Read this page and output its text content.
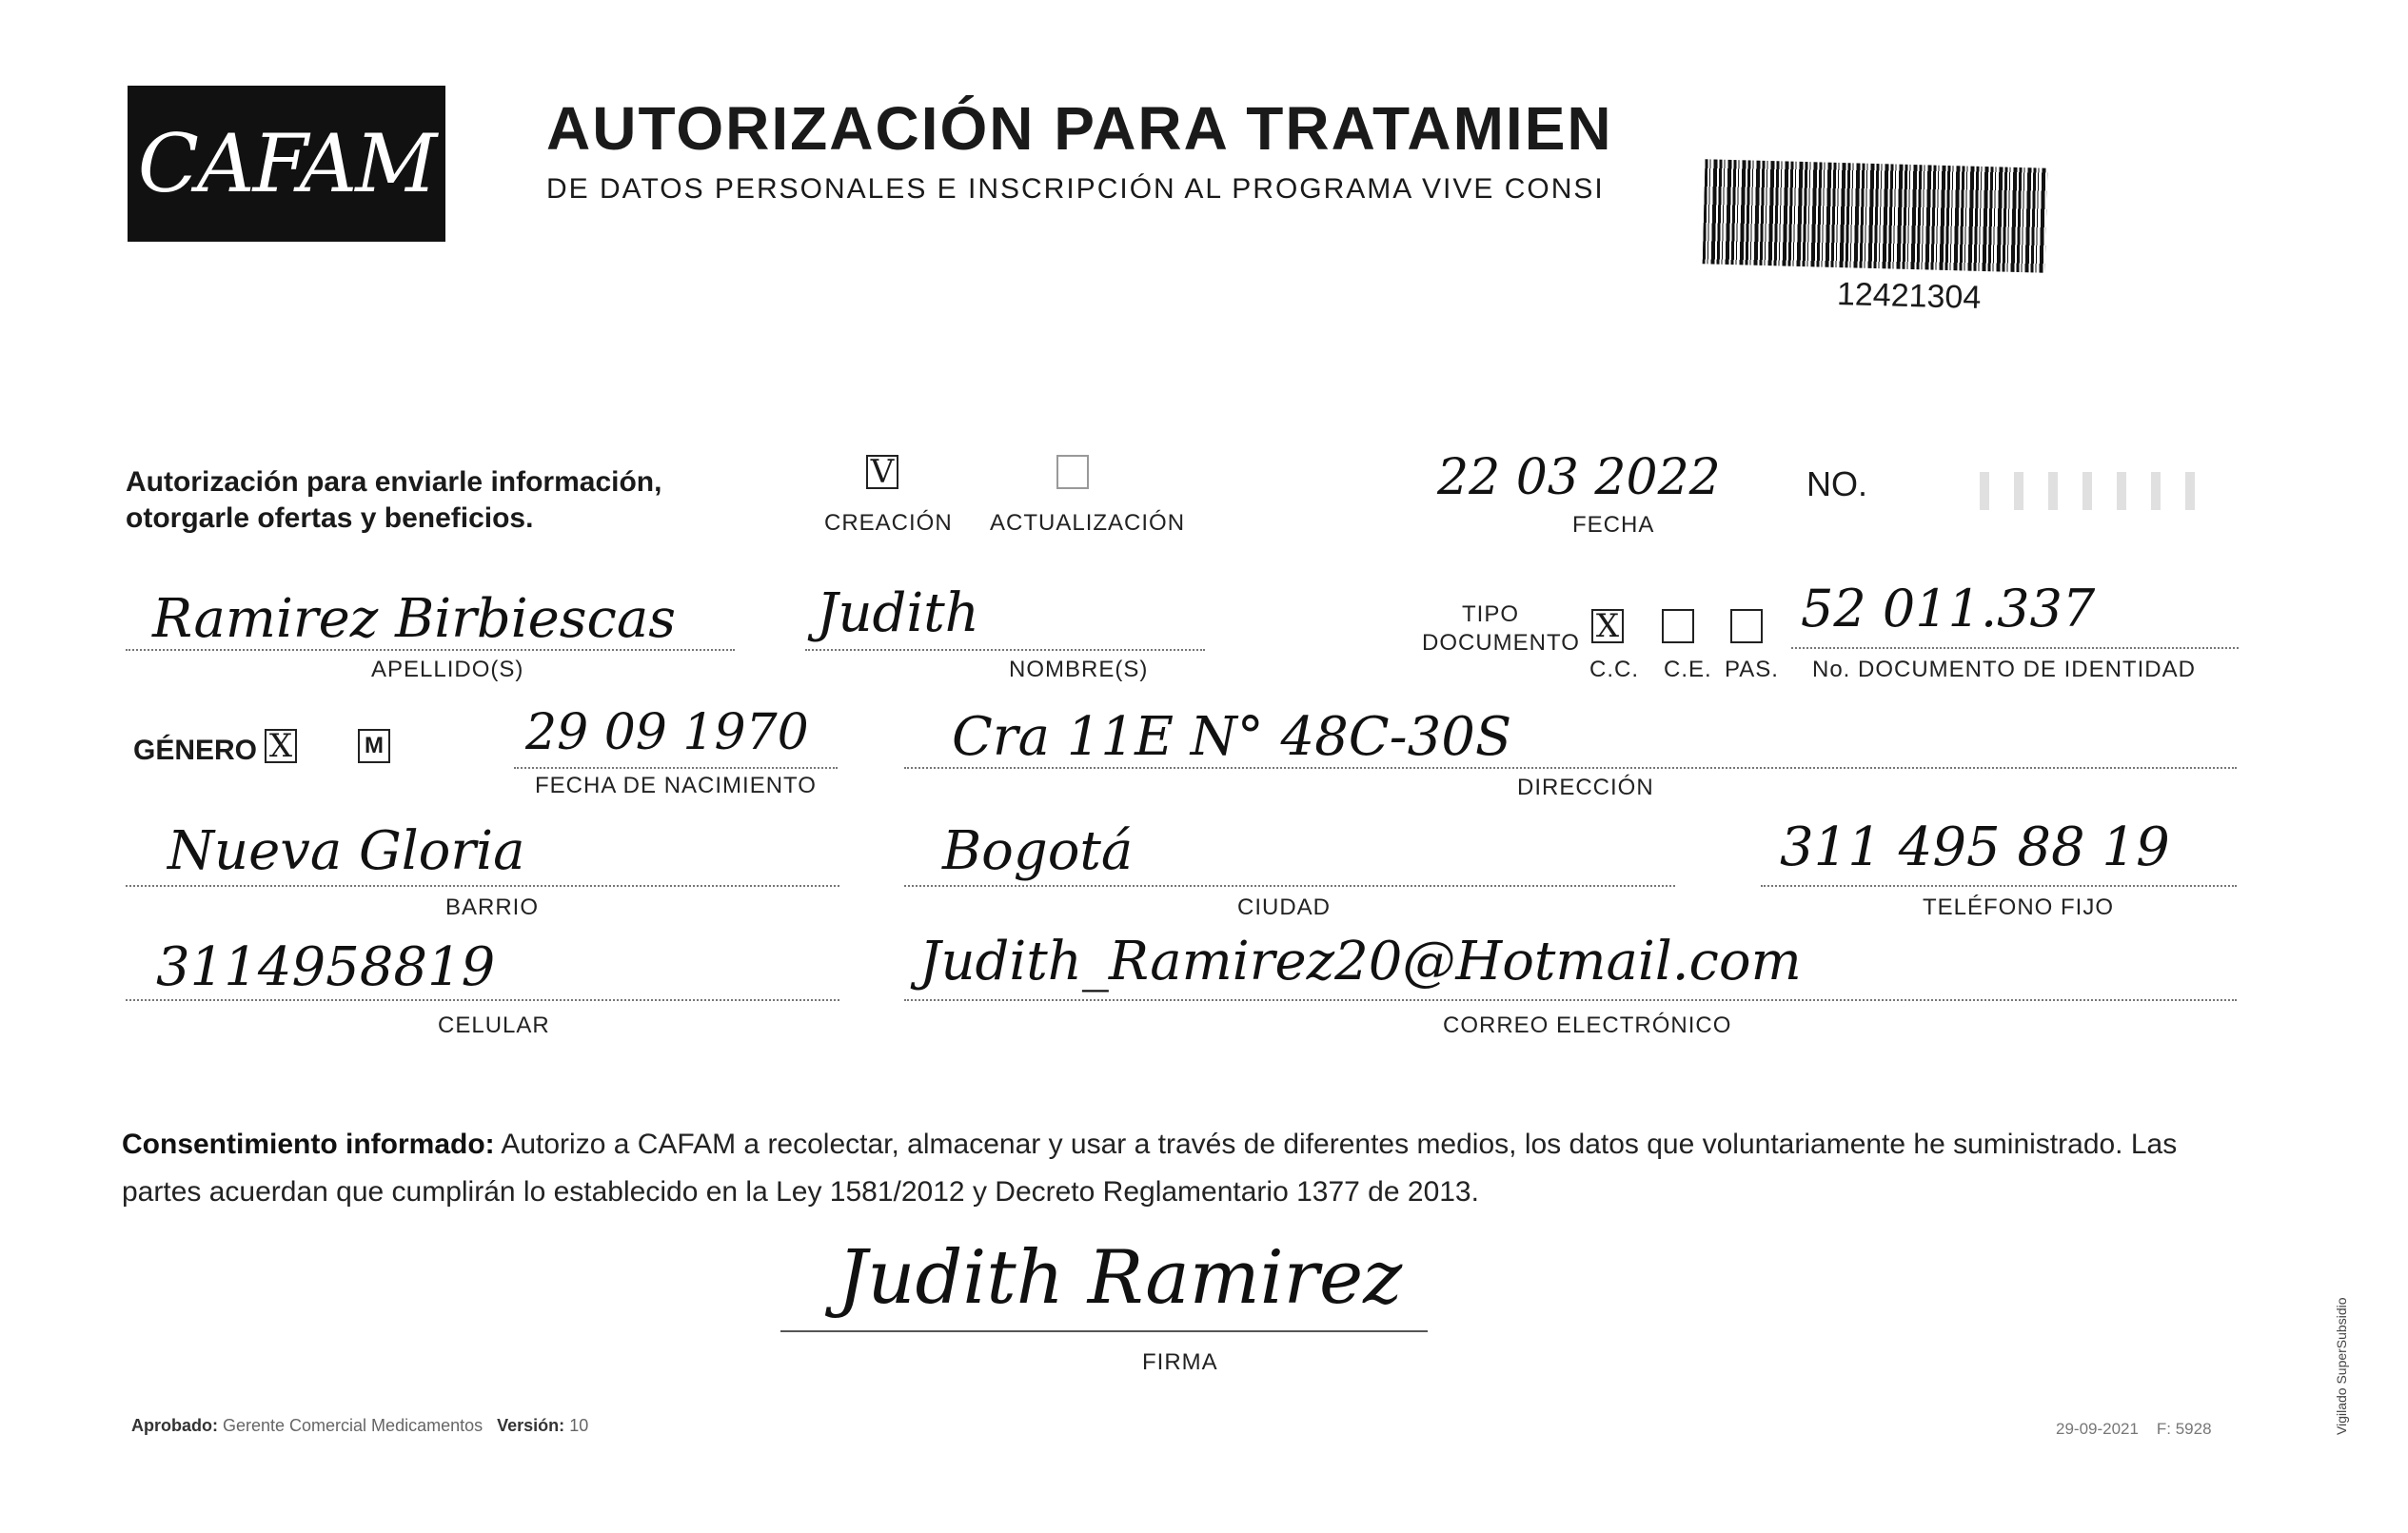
CAFAM AUTORIZACIÓN PARA TRATAMIEN
DE DATOS PERSONALES E INSCRIPCIÓN AL PROGRAMA VIVE CONSI
12421304
Autorización para enviarle información,
otorgarle ofertas y beneficios.
V
CREACIÓN ACTUALIZACIÓN
22 03 2022
FECHA
NO.
Ramirez Birbiescas
APELLIDO(S)
Judith
NOMBRE(S)
TIPO
DOCUMENTO X
C.C. C.E. PAS.
52 011.337
No. DOCUMENTO DE IDENTIDAD
GÉNERO X	M	29 09 1970
FECHA DE NACIMIENTO
Cra 11E N° 48C-30S
DIRECCIÓN
Nueva Gloria
BARRIO
Bogotá
CIUDAD
311 495 88 19
TELÉFONO FIJO
3114958819
CELULAR
Judith_Ramirez20@Hotmail.com
CORREO ELECTRÓNICO
Consentimiento informado: Autorizo a CAFAM a recolectar, almacenar y usar a través de diferentes medios, los datos que voluntariamente he suministrado. Las partes acuerdan que cumplirán lo establecido en la Ley 1581/2012 y Decreto Reglamentario 1377 de 2013.
Judith Ramirez
FIRMA
Aprobado: Gerente Comercial Medicamentos Versión: 10	29-09-2021 F: 5928	Vigilado SuperSubsidio
